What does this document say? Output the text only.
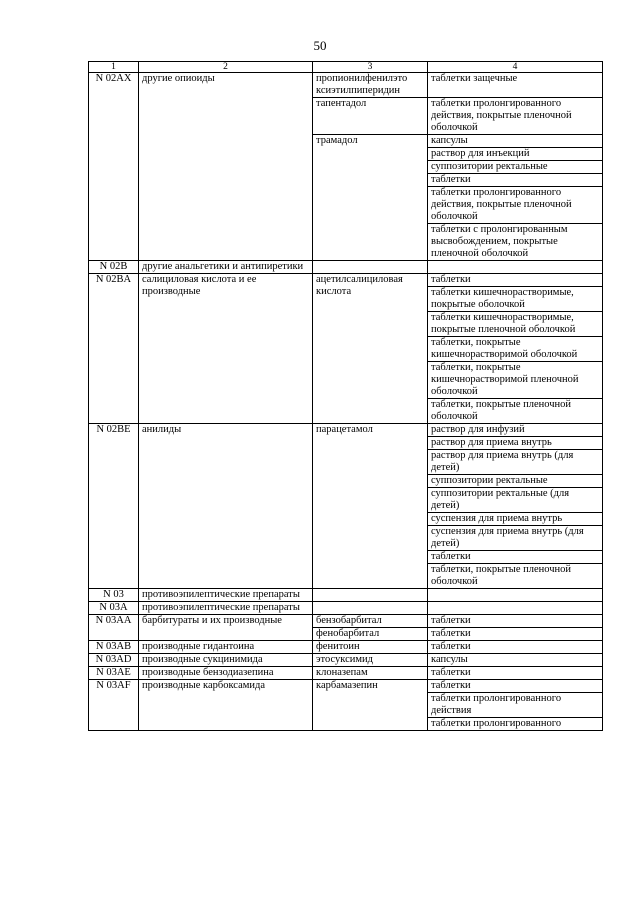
50
1	2	3	4
N 02AX	другие опиоиды	пропионилфенилэто ксиэтилпиперидин	таблетки защечные
		тапентадол	таблетки пролонгированного действия, покрытые пленочной оболочкой
		трамадол	капсулы
			раствор для инъекций
			суппозитории ректальные
			таблетки
			таблетки пролонгированного действия, покрытые пленочной оболочкой
			таблетки с пролонгированным высвобождением, покрытые пленочной оболочкой
N 02B	другие анальгетики и антипиретики		
N 02BA	салициловая кислота и ее производные	ацетилсалициловая кислота	таблетки
			таблетки кишечнорастворимые, покрытые оболочкой
			таблетки кишечнорастворимые, покрытые пленочной оболочкой
			таблетки, покрытые кишечнорастворимой оболочкой
			таблетки, покрытые кишечнорастворимой пленочной оболочкой
			таблетки, покрытые пленочной оболочкой
N 02BE	анилиды	парацетамол	раствор для инфузий
			раствор для приема внутрь
			раствор для приема внутрь (для детей)
			суппозитории ректальные
			суппозитории ректальные (для детей)
			суспензия для приема внутрь
			суспензия для приема внутрь (для детей)
			таблетки
			таблетки, покрытые пленочной оболочкой
N 03	противоэпилептические препараты		
N 03A	противоэпилептические препараты		
N 03AA	барбитураты и их производные	бензобарбитал	таблетки
		фенобарбитал	таблетки
N 03AB	производные гидантоина	фенитоин	таблетки
N 03AD	производные сукцинимида	этосуксимид	капсулы
N 03AE	производные бензодиазепина	клоназепам	таблетки
N 03AF	производные карбоксамида	карбамазепин	таблетки
			таблетки пролонгированного действия
			таблетки пролонгированного
